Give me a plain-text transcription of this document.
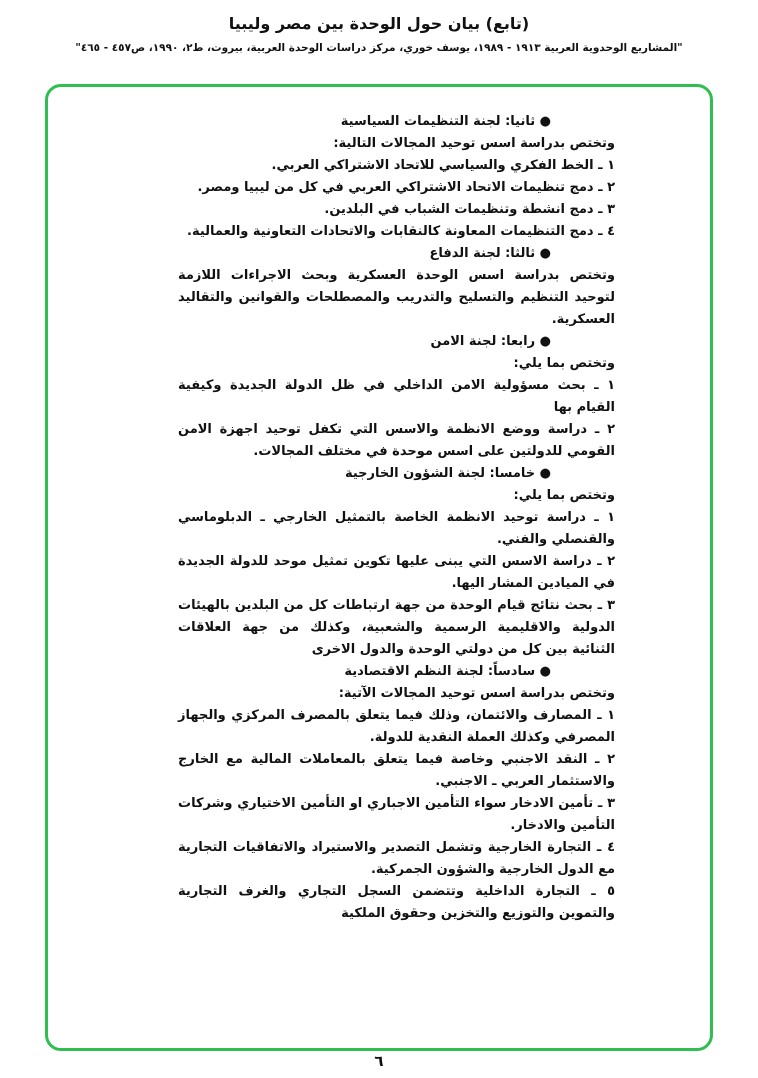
(تابع) بيان حول الوحدة بين مصر وليبيا
"المشاريع الوحدوية العربية ١٩١٣ - ١٩٨٩، يوسف خوري، مركز دراسات الوحدة العربية، بيروت، ط٢، ١٩٩٠، ص٤٥٧ - ٤٦٥"

● ثانيا: لجنة التنظيمات السياسية

وتختص بدراسة اسس توحيد المجالات التالية:

١ ـ الخط الفكري والسياسي للاتحاد الاشتراكي العربي.

٢ ـ دمج تنظيمات الاتحاد الاشتراكي العربي في كل من ليبيا ومصر.

٣ ـ دمج انشطة وتنظيمات الشباب في البلدين.

٤ ـ دمج التنظيمات المعاونة كالنقابات والاتحادات التعاونية والعمالية.

● ثالثا: لجنة الدفاع

وتختص بدراسة اسس الوحدة العسكرية وبحث الاجراءات اللازمة لتوحيد التنظيم والتسليح والتدريب والمصطلحات والقوانين والتقاليد العسكرية.

● رابعا: لجنة الامن

وتختص بما يلي:

١ ـ بحث مسؤولية الامن الداخلي في ظل الدولة الجديدة وكيفية القيام بها

٢ ـ دراسة ووضع الانظمة والاسس التي تكفل توحيد اجهزة الامن القومي للدولتين على اسس موحدة في مختلف المجالات.

● خامسا: لجنة الشؤون الخارجية

وتختص بما يلي:

١ ـ دراسة توحيد الانظمة الخاصة بالتمثيل الخارجي ـ الدبلوماسي والقنصلي والفني.

٢ ـ دراسة الاسس التي يبنى عليها تكوين تمثيل موحد للدولة الجديدة في الميادين المشار اليها.

٣ ـ بحث نتائج قيام الوحدة من جهة ارتباطات كل من البلدين بالهيئات الدولية والاقليمية الرسمية والشعبية، وكذلك من جهة العلاقات الثنائية بين كل من دولتي الوحدة والدول الاخرى

● سادساً: لجنة النظم الاقتصادية

وتختص بدراسة اسس توحيد المجالات الآتية:

١ ـ المصارف والائتمان، وذلك فيما يتعلق بالمصرف المركزي والجهاز المصرفي وكذلك العملة النقدية للدولة.

٢ ـ النقد الاجنبي وخاصة فيما يتعلق بالمعاملات المالية مع الخارج والاستثمار العربي ـ الاجنبي.

٣ ـ تأمين الادخار سواء التأمين الاجباري او التأمين الاختياري وشركات التأمين والادخار.

٤ ـ التجارة الخارجية وتشمل التصدير والاستيراد والاتفاقيات التجارية مع الدول الخارجية والشؤون الجمركية.

٥ ـ التجارة الداخلية وتتضمن السجل التجاري والغرف التجارية والتموين والتوزيع والتخزين وحقوق الملكية

٦
